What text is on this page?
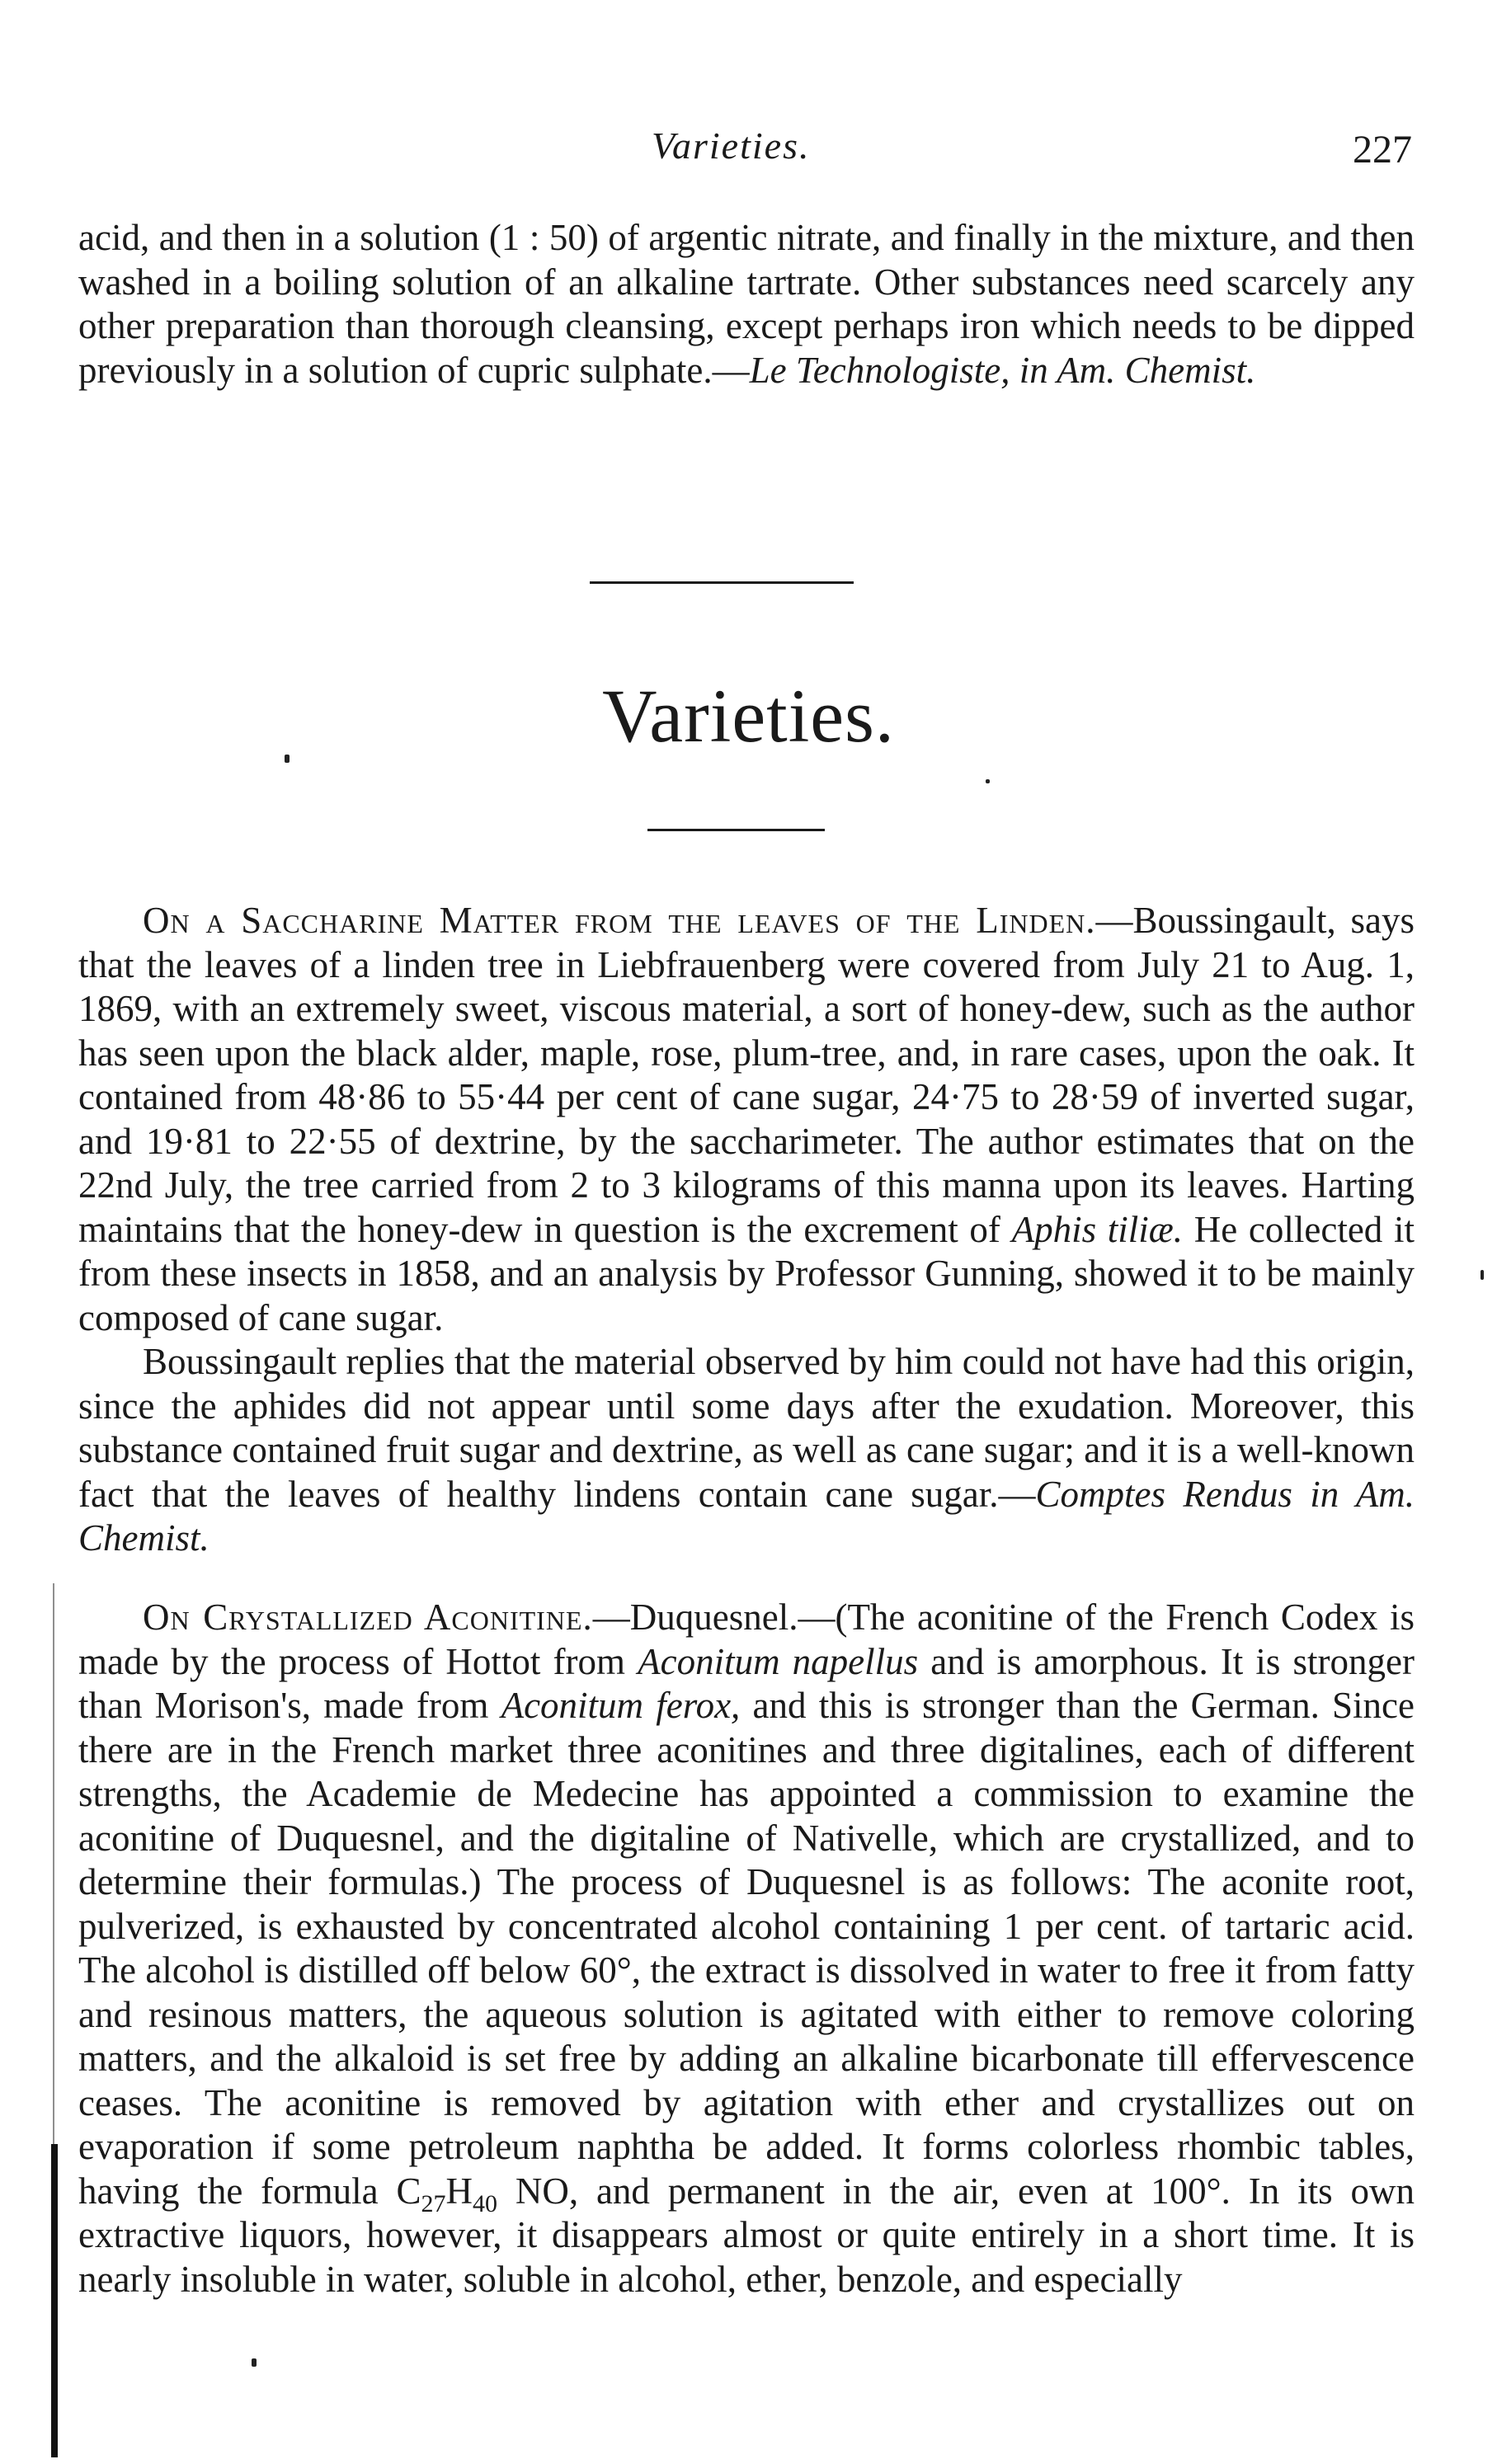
Varieties.	227

acid, and then in a solution (1 : 50) of argentic nitrate, and finally in the mixture, and then washed in a boiling solution of an alkaline tartrate. Other substances need scarcely any other preparation than thorough cleansing, except perhaps iron which needs to be dipped previously in a solution of cupric sulphate.—Le Technologiste, in Am. Chemist.

Varieties.

On a Saccharine Matter from the leaves of the Linden.—Boussingault, says that the leaves of a linden tree in Liebfrauenberg were covered from July 21 to Aug. 1, 1869, with an extremely sweet, viscous material, a sort of honey-dew, such as the author has seen upon the black alder, maple, rose, plum-tree, and, in rare cases, upon the oak. It contained from 48·86 to 55·44 per cent of cane sugar, 24·75 to 28·59 of inverted sugar, and 19·81 to 22·55 of dextrine, by the saccharimeter. The author estimates that on the 22nd July, the tree carried from 2 to 3 kilograms of this manna upon its leaves. Harting maintains that the honey-dew in question is the excrement of Aphis tiliæ. He collected it from these insects in 1858, and an analysis by Professor Gunning, showed it to be mainly composed of cane sugar.

Boussingault replies that the material observed by him could not have had this origin, since the aphides did not appear until some days after the exudation. Moreover, this substance contained fruit sugar and dextrine, as well as cane sugar; and it is a well-known fact that the leaves of healthy lindens contain cane sugar.—Comptes Rendus in Am. Chemist.

On Crystallized Aconitine.—Duquesnel.—(The aconitine of the French Codex is made by the process of Hottot from Aconitum napellus and is amorphous. It is stronger than Morison's, made from Aconitum ferox, and this is stronger than the German. Since there are in the French market three aconitines and three digitalines, each of different strengths, the Academie de Medecine has appointed a commission to examine the aconitine of Duquesnel, and the digitaline of Nativelle, which are crystallized, and to determine their formulas.) The process of Duquesnel is as follows: The aconite root, pulverized, is exhausted by concentrated alcohol containing 1 per cent. of tartaric acid. The alcohol is distilled off below 60°, the extract is dissolved in water to free it from fatty and resinous matters, the aqueous solution is agitated with either to remove coloring matters, and the alkaloid is set free by adding an alkaline bicarbonate till effervescence ceases. The aconitine is removed by agitation with ether and crystallizes out on evaporation if some petroleum naphtha be added. It forms colorless rhombic tables, having the formula $C_{27}H_{40}$ NO, and permanent in the air, even at 100°. In its own extractive liquors, however, it disappears almost or quite entirely in a short time. It is nearly insoluble in water, soluble in alcohol, ether, benzole, and especially
